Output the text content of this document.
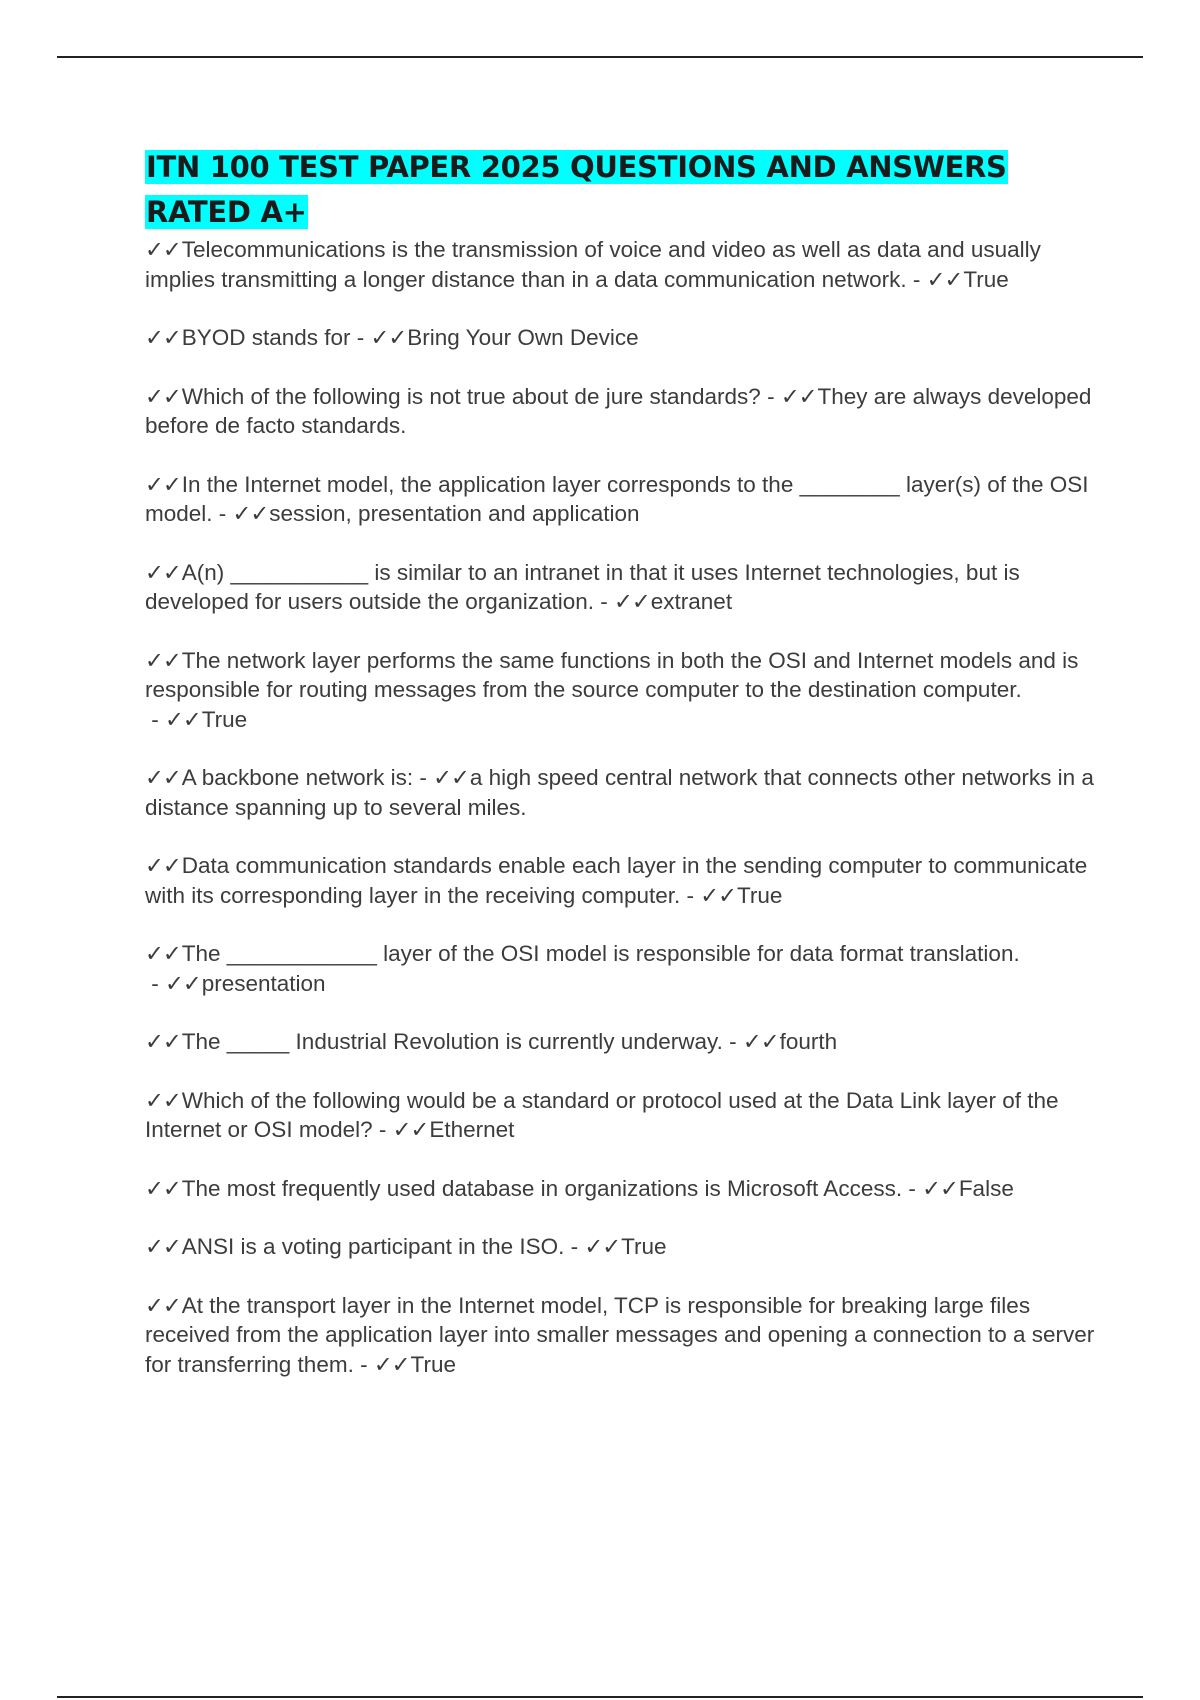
ITN 100 TEST PAPER 2025 QUESTIONS AND ANSWERS RATED A+

✓✓Telecommunications is the transmission of voice and video as well as data and usually implies transmitting a longer distance than in a data communication network. - ✓✓True

✓✓BYOD stands for - ✓✓Bring Your Own Device

✓✓Which of the following is not true about de jure standards? - ✓✓They are always developed before de facto standards.

✓✓In the Internet model, the application layer corresponds to the ________ layer(s) of the OSI model. - ✓✓session, presentation and application

✓✓A(n) ___________ is similar to an intranet in that it uses Internet technologies, but is developed for users outside the organization. - ✓✓extranet

✓✓The network layer performs the same functions in both the OSI and Internet models and is responsible for routing messages from the source computer to the destination computer. - ✓✓True

✓✓A backbone network is: - ✓✓a high speed central network that connects other networks in a distance spanning up to several miles.

✓✓Data communication standards enable each layer in the sending computer to communicate with its corresponding layer in the receiving computer. - ✓✓True

✓✓The ____________ layer of the OSI model is responsible for data format translation. - ✓✓presentation

✓✓The _____ Industrial Revolution is currently underway. - ✓✓fourth

✓✓Which of the following would be a standard or protocol used at the Data Link layer of the Internet or OSI model? - ✓✓Ethernet

✓✓The most frequently used database in organizations is Microsoft Access. - ✓✓False

✓✓ANSI is a voting participant in the ISO. - ✓✓True

✓✓At the transport layer in the Internet model, TCP is responsible for breaking large files received from the application layer into smaller messages and opening a connection to a server for transferring them. - ✓✓True
